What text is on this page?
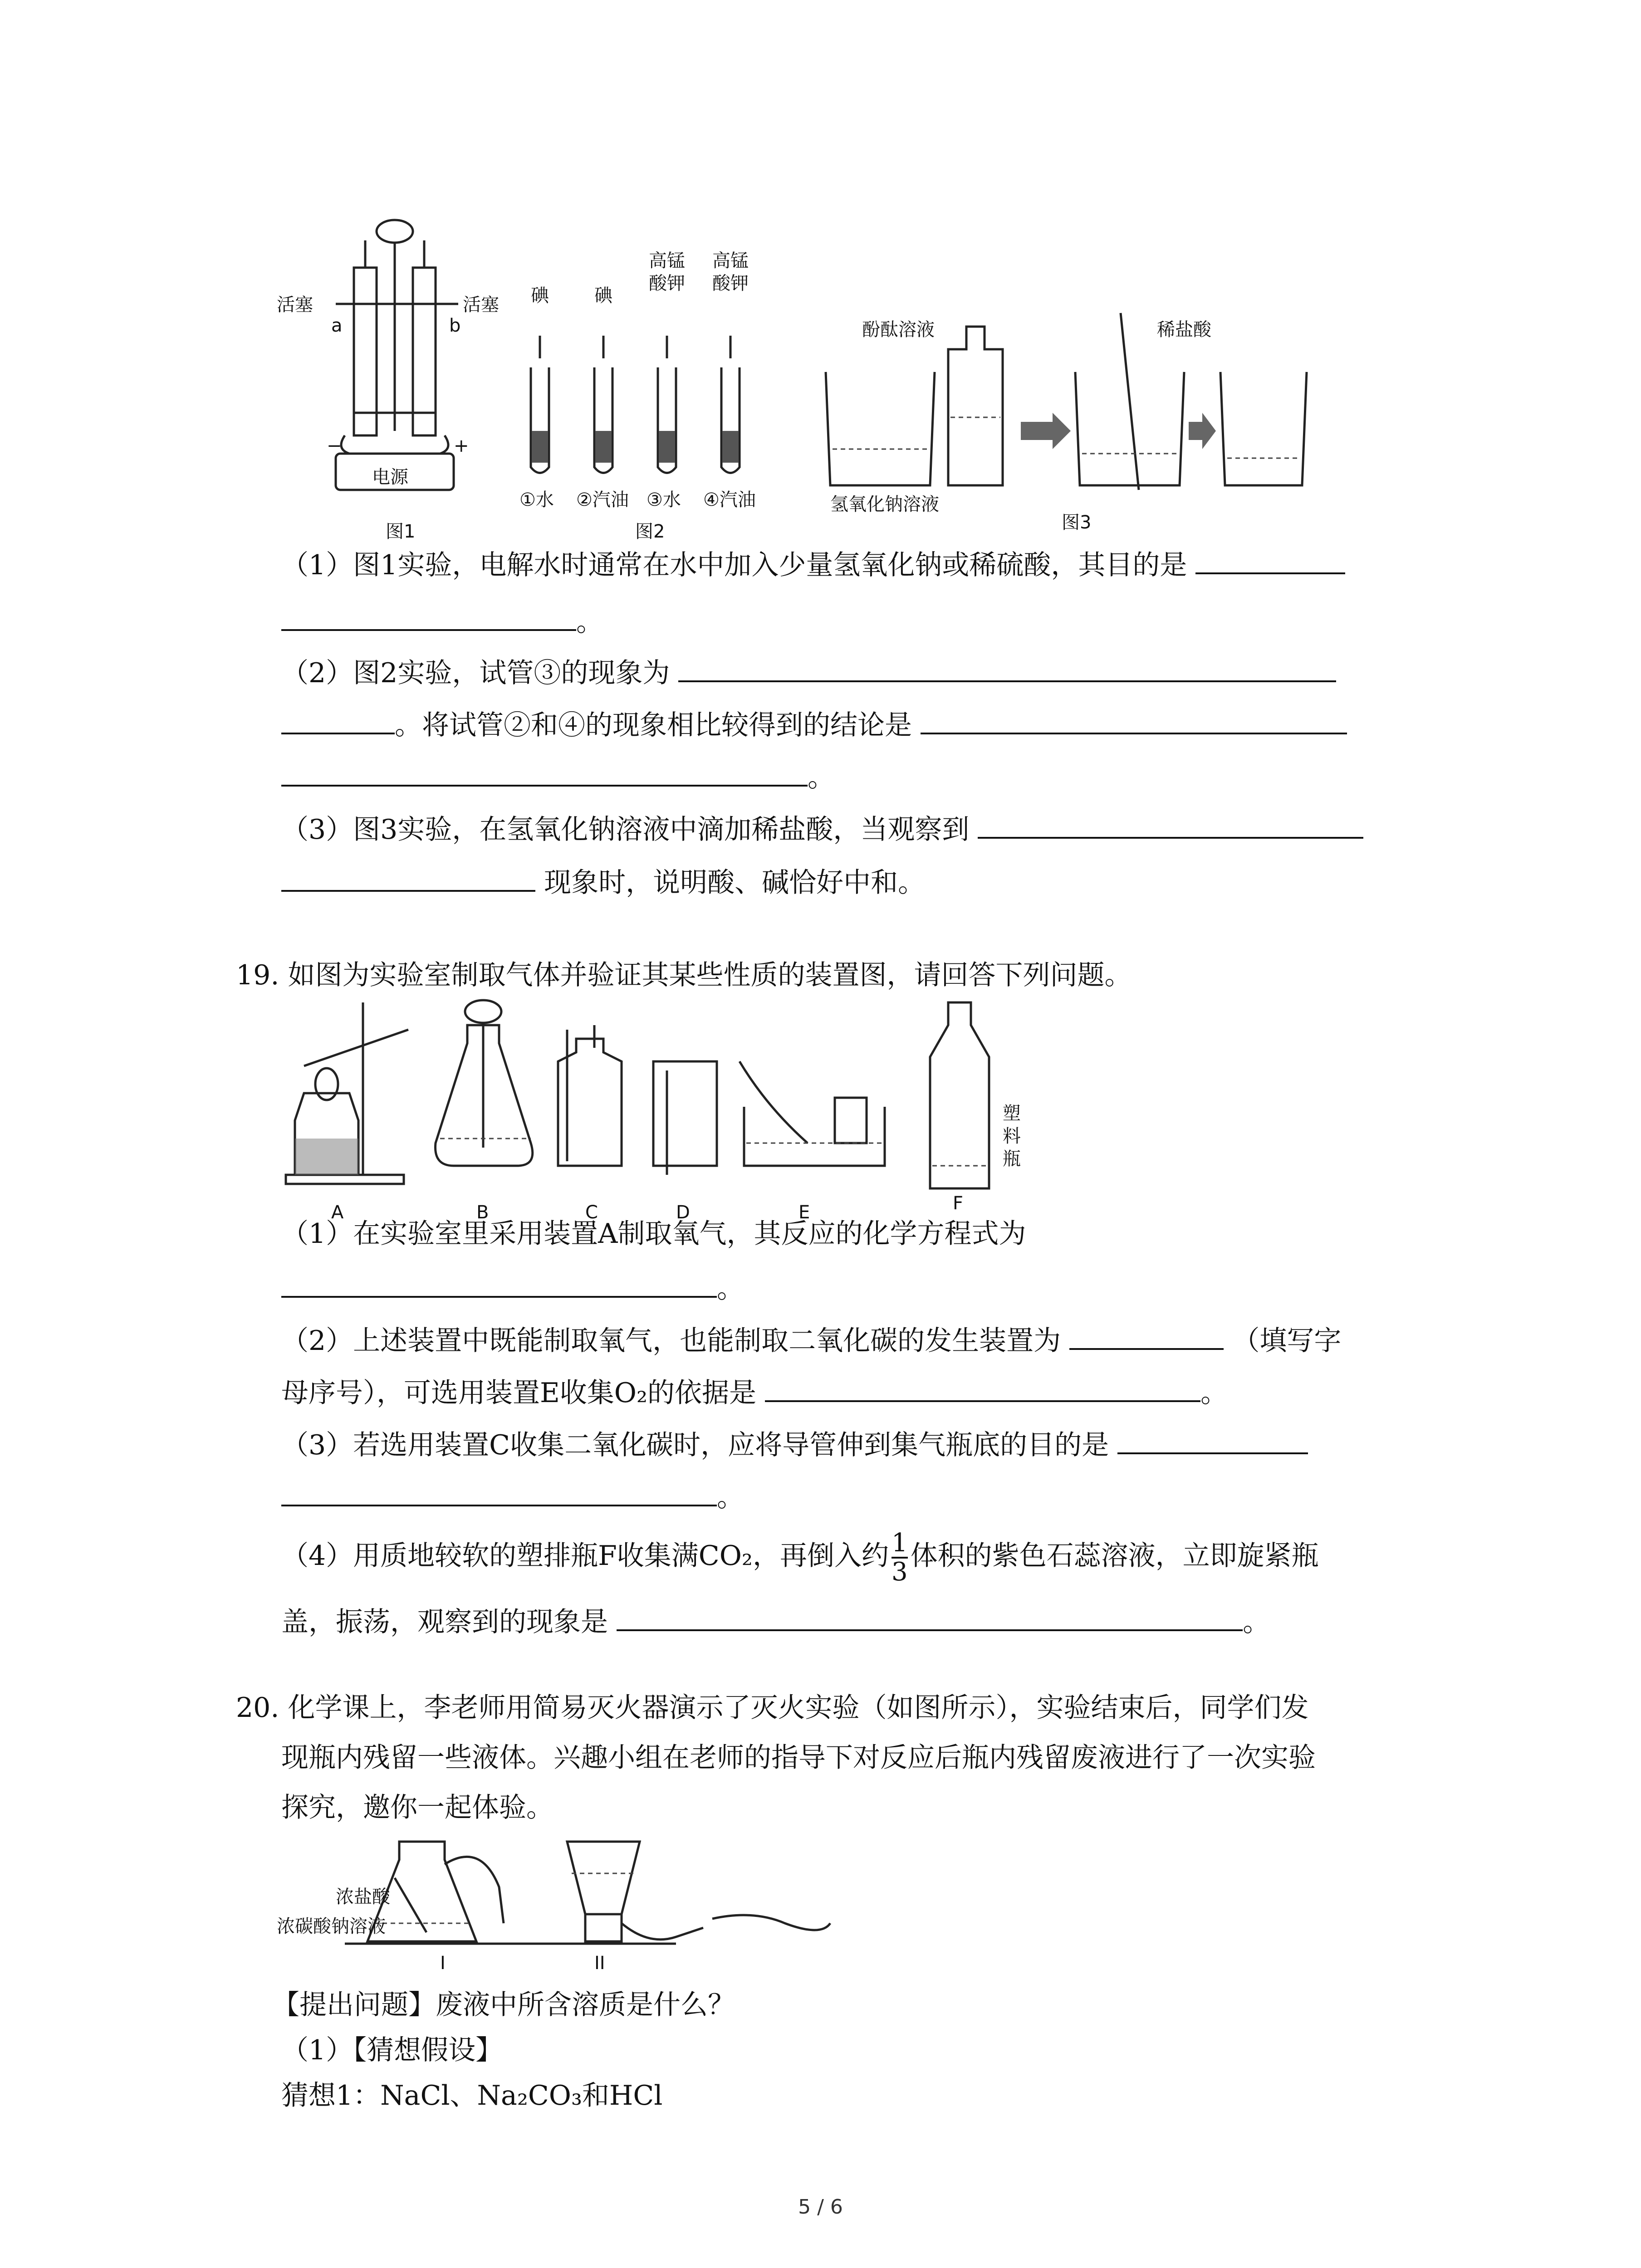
活塞	活塞
a	b
−	+
电源
碘	碘
高锰
酸钾
高锰
酸钾
①水 ②汽油 ③水 ④汽油
酚酞溶液
氢氧化钠溶液
稀盐酸
图1	图2	图3
（1）图1实验，电解水时通常在水中加入少量氢氧化钠或稀硫酸，其目的是
。
（2）图2实验，试管③的现象为
。将试管②和④的现象相比较得到的结论是
。
（3）图3实验，在氢氧化钠溶液中滴加稀盐酸，当观察到
现象时，说明酸、碱恰好中和。
19. 如图为实验室制取气体并验证其某些性质的装置图，请回答下列问题。
A	B	C	D	E	F
塑
料
瓶
（1）在实验室里采用装置A制取氧气，其反应的化学方程式为
。
（2）上述装置中既能制取氧气，也能制取二氧化碳的发生装置为	（填写字
母序号），可选用装置E收集O₂的依据是	。
（3）若选用装置C收集二氧化碳时，应将导管伸到集气瓶底的目的是
。
（4）用质地较软的塑排瓶F收集满CO₂，再倒入约 $\frac{1}{3}$ 体积的紫色石蕊溶液，立即旋紧瓶
盖，振荡，观察到的现象是	。
20. 化学课上，李老师用简易灭火器演示了灭火实验（如图所示），实验结束后，同学们发
现瓶内残留一些液体。兴趣小组在老师的指导下对反应后瓶内残留废液进行了一次实验
探究，邀你一起体验。
浓盐酸
浓碳酸钠溶液
I	II
【提出问题】废液中所含溶质是什么？
（1）【猜想假设】
猜想1：NaCl、Na₂CO₃和HCl
5 / 6
